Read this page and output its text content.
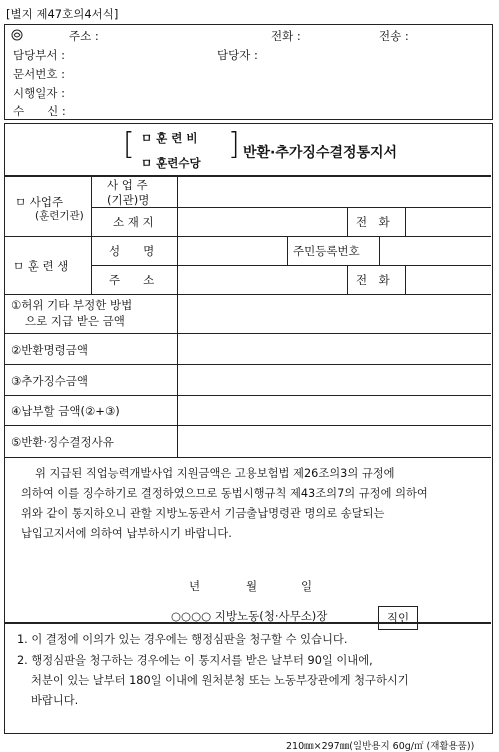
[별지 제47호의4서식]
주소 :	전화 :	전송 :
담당부서 :	담당자 :
문서번호 :
시행일자 :
수　　신 :
[ ㅁ 훈 련 비
ㅁ 훈련수당
] 반환·추가징수결정통지서
ㅁ 사업주
(훈련기관)
사 업 주
(기관)명
소 재 지	전　화
ㅁ 훈 련 생
성　　명	주민등록번호
주　　소	전　화
①허위 기타 부정한 방법
으로 지급 받은 금액
②반환명령금액
③추가징수금액
④납부할 금액(②+③)
⑤반환·징수결정사유
위 지급된 직업능력개발사업 지원금액은 고용보험법 제26조의3의 규정에
의하여 이를 징수하기로 결정하였으므로 동법시행규칙 제43조의7의 규정에 의하여
위와 같이 통지하오니 관할 지방노동관서 기금출납명령관 명의로 송달되는
납입고지서에 의하여 납부하시기 바랍니다.
년	월	일
○○○○ 지방노동(청·사무소)장
1. 이 결정에 이의가 있는 경우에는 행정심판을 청구할 수 있습니다.
2. 행정심판을 청구하는 경우에는 이 통지서를 받은 날부터 90일 이내에,
처분이 있는 날부터 180일 이내에 원처분청 또는 노동부장관에게 청구하시기
바랍니다.
직인
210㎜×297㎜(일반용지 60g/㎡ (재활용품))
